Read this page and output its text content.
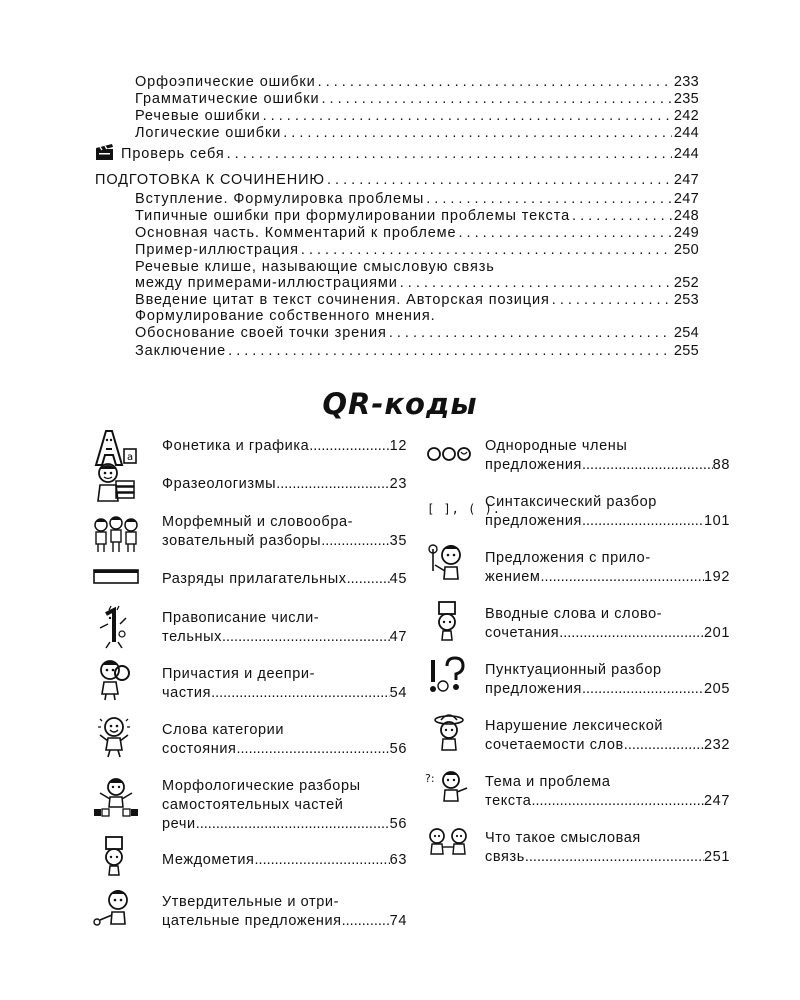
Орфоэпические ошибки . . .	233
Грамматические ошибки . . .	235
Речевые ошибки . . .	242
Логические ошибки . . .	244
Проверь себя . . .	244
ПОДГОТОВКА К СОЧИНЕНИЮ . . .	247
Вступление. Формулировка проблемы . . .	247
Типичные ошибки при формулировании проблемы текста . . .	248
Основная часть. Комментарий к проблеме . . .	249
Пример-иллюстрация . . .	250
Речевые клише, называющие смысловую связь
между примерами-иллюстрациями . . .	252
Введение цитат в текст сочинения. Авторская позиция . . .	253
Формулирование собственного мнения.
Обоснование своей точки зрения . . .	254
Заключение . . .	255
QR-коды
а
Фонетика и графика .....	12
Фразеологизмы .....	23
Морфемный и словообра-
зовательный разборы .....	35
Разряды прилагательных .....	45
Правописание числи-
тельных .....	47
Причастия и деепри-
частия .....	54
Слова категории
состояния .....	56
Морфологические разборы
самостоятельных частей
речи .....	56
Междометия .....	63
Утвердительные и отри-
цательные предложения .....	74
Однородные члены
предложения .....	88
[ ], ( ).
Синтаксический разбор
предложения .....	101
Предложения с прило-
жением .....	192
Вводные слова и слово-
сочетания .....	201
Пунктуационный разбор
предложения .....	205
Нарушение лексической
сочетаемости слов .....	232
?:	Тема и проблема
текста .....	247
Что такое смысловая
связь .....	251
